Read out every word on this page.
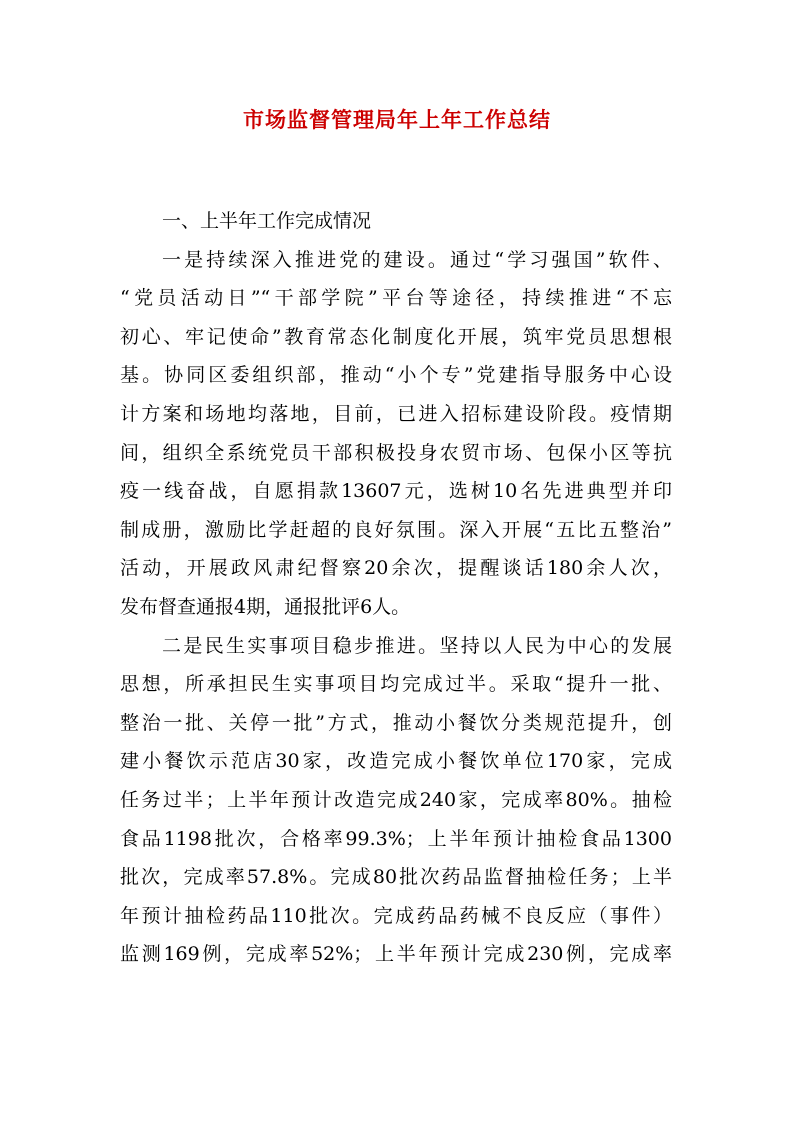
市场监督管理局年上年工作总结
一、上半年工作完成情况
一是持续深入推进党的建设。通过“学习强国”软件、
“党员活动日”“干部学院”平台等途径，持续推进“不忘
初心、牢记使命”教育常态化制度化开展，筑牢党员思想根
基。协同区委组织部，推动“小个专”党建指导服务中心设
计方案和场地均落地，目前，已进入招标建设阶段。疫情期
间，组织全系统党员干部积极投身农贸市场、包保小区等抗
疫一线奋战，自愿捐款13607元，选树10名先进典型并印
制成册，激励比学赶超的良好氛围。深入开展“五比五整治”
活动，开展政风肃纪督察20余次，提醒谈话180余人次，
发布督查通报4期，通报批评6人。
二是民生实事项目稳步推进。坚持以人民为中心的发展
思想，所承担民生实事项目均完成过半。采取“提升一批、
整治一批、关停一批”方式，推动小餐饮分类规范提升，创
建小餐饮示范店30家，改造完成小餐饮单位170家，完成
任务过半；上半年预计改造完成240家，完成率80%。抽检
食品1198批次，合格率99.3%；上半年预计抽检食品1300
批次，完成率57.8%。完成80批次药品监督抽检任务；上半
年预计抽检药品110批次。完成药品药械不良反应（事件）
监测169例，完成率52%；上半年预计完成230例，完成率
